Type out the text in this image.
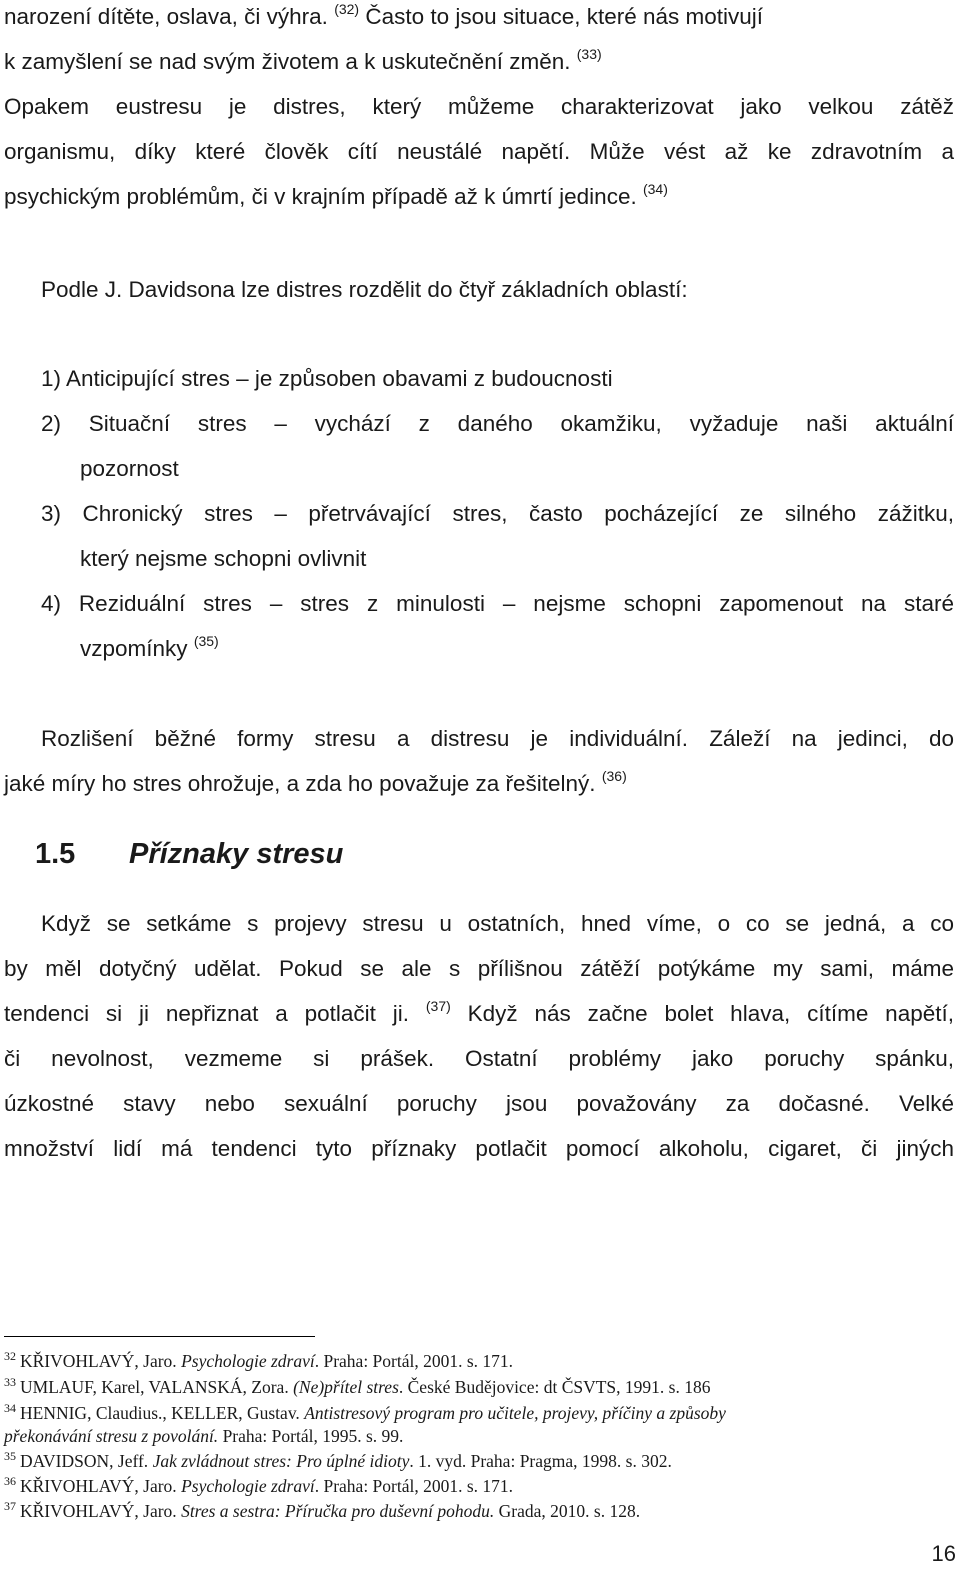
narození dítěte, oslava, či výhra. $^{(32)}$ Často to jsou situace, které nás motivují
k zamyšlení se nad svým životem a k uskutečnění změn. $^{(33)}$
Opakem eustresu je distres, který můžeme charakterizovat jako velkou zátěž
organismu, díky které člověk cítí neustálé napětí. Může vést až ke zdravotním a
psychickým problémům, či v krajním případě až k úmrtí jedince. $^{(34)}$
Podle J. Davidsona lze distres rozdělit do čtyř základních oblastí:
1) Anticipující stres – je způsoben obavami z budoucnosti
2) Situační stres – vychází z daného okamžiku, vyžaduje naši aktuální
pozornost
3) Chronický stres – přetrvávající stres, často pocházející ze silného zážitku,
který nejsme schopni ovlivnit
4) Reziduální stres – stres z minulosti – nejsme schopni zapomenout na staré
vzpomínky $^{(35)}$
Rozlišení běžné formy stresu a distresu je individuální. Záleží na jedinci, do
jaké míry ho stres ohrožuje, a zda ho považuje za řešitelný. $^{(36)}$
1.5 Příznaky stresu
Když se setkáme s projevy stresu u ostatních, hned víme, o co se jedná, a co
by měl dotyčný udělat. Pokud se ale s přílišnou zátěží potýkáme my sami, máme
tendenci si ji nepřiznat a potlačit ji. $^{(37)}$ Když nás začne bolet hlava, cítíme napětí,
či nevolnost, vezmeme si prášek. Ostatní problémy jako poruchy spánku,
úzkostné stavy nebo sexuální poruchy jsou považovány za dočasné. Velké
množství lidí má tendenci tyto příznaky potlačit pomocí alkoholu, cigaret, či jiných
$^{32}$ KŘIVOHLAVÝ, Jaro. Psychologie zdraví. Praha: Portál, 2001. s. 171.
$^{33}$ UMLAUF, Karel, VALANSKÁ, Zora. (Ne)přítel stres. České Budějovice: dt ČSVTS, 1991. s. 186
$^{34}$ HENNIG, Claudius., KELLER, Gustav. Antistresový program pro učitele, projevy, příčiny a způsoby
překonávání stresu z povolání. Praha: Portál, 1995. s. 99.
$^{35}$ DAVIDSON, Jeff. Jak zvládnout stres: Pro úplné idioty. 1. vyd. Praha: Pragma, 1998. s. 302.
$^{36}$ KŘIVOHLAVÝ, Jaro. Psychologie zdraví. Praha: Portál, 2001. s. 171.
$^{37}$ KŘIVOHLAVÝ, Jaro. Stres a sestra: Příručka pro duševní pohodu. Grada, 2010. s. 128.
16
